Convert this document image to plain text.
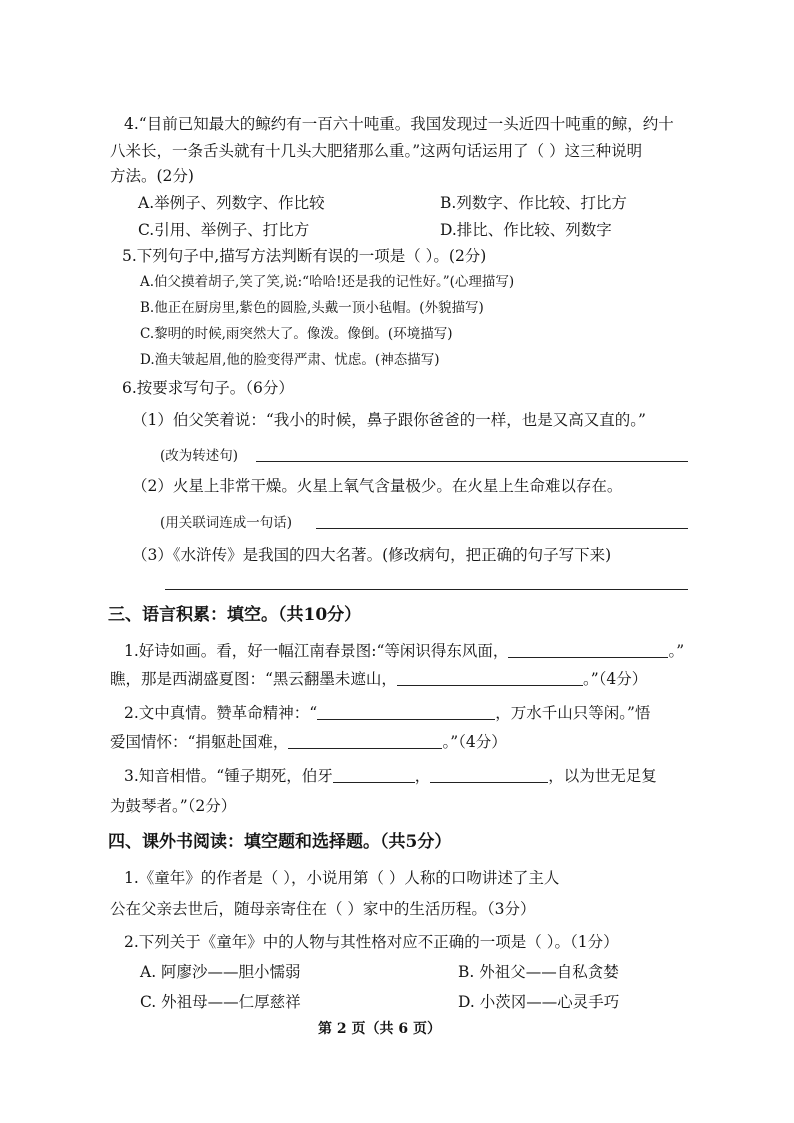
4.“目前已知最大的鲸约有一百六十吨重。我国发现过一头近四十吨重的鲸，约十
八米长，一条舌头就有十几头大肥猪那么重。”这两句话运用了（ ）这三种说明
方法。(2分)
A.举例子、列数字、作比较	B.列数字、作比较、打比方
C.引用、举例子、打比方	D.排比、作比较、列数字
5.下列句子中,描写方法判断有误的一项是（ ）。(2分)
A.伯父摸着胡子,笑了笑,说:“哈哈!还是我的记性好。”(心理描写)
B.他正在厨房里,紫色的圆脸,头戴一顶小毡帽。(外貌描写)
C.黎明的时候,雨突然大了。像泼。像倒。(环境描写)
D.渔夫皱起眉,他的脸变得严肃、忧虑。(神态描写)
6.按要求写句子。（6分）
（1）伯父笑着说：“我小的时候，鼻子跟你爸爸的一样，也是又高又直的。”
(改为转述句)
（2）火星上非常干燥。火星上氧气含量极少。在火星上生命难以存在。
(用关联词连成一句话)
（3）《水浒传》是我国的四大名著。(修改病句，把正确的句子写下来)
三、语言积累：填空。（共10分）
1.好诗如画。看，好一幅江南春景图:“等闲识得东风面，	。”
瞧，那是西湖盛夏图：“黑云翻墨未遮山，	。”（4分）
2.文中真情。赞革命精神：“	，万水千山只等闲。”悟
爱国情怀：“捐躯赴国难，	。”（4分）
3.知音相惜。“锺子期死，伯牙	，	，以为世无足复
为鼓琴者。”（2分）
四、课外书阅读：填空题和选择题。（共5分）
1.《童年》的作者是（ ），小说用第（ ）人称的口吻讲述了主人
公在父亲去世后，随母亲寄住在（ ）家中的生活历程。（3分）
2.下列关于《童年》中的人物与其性格对应不正确的一项是（ ）。（1分）
A. 阿廖沙——胆小懦弱	B. 外祖父——自私贪婪
C. 外祖母——仁厚慈祥	D. 小茨冈——心灵手巧
第 2 页（共 6 页）
